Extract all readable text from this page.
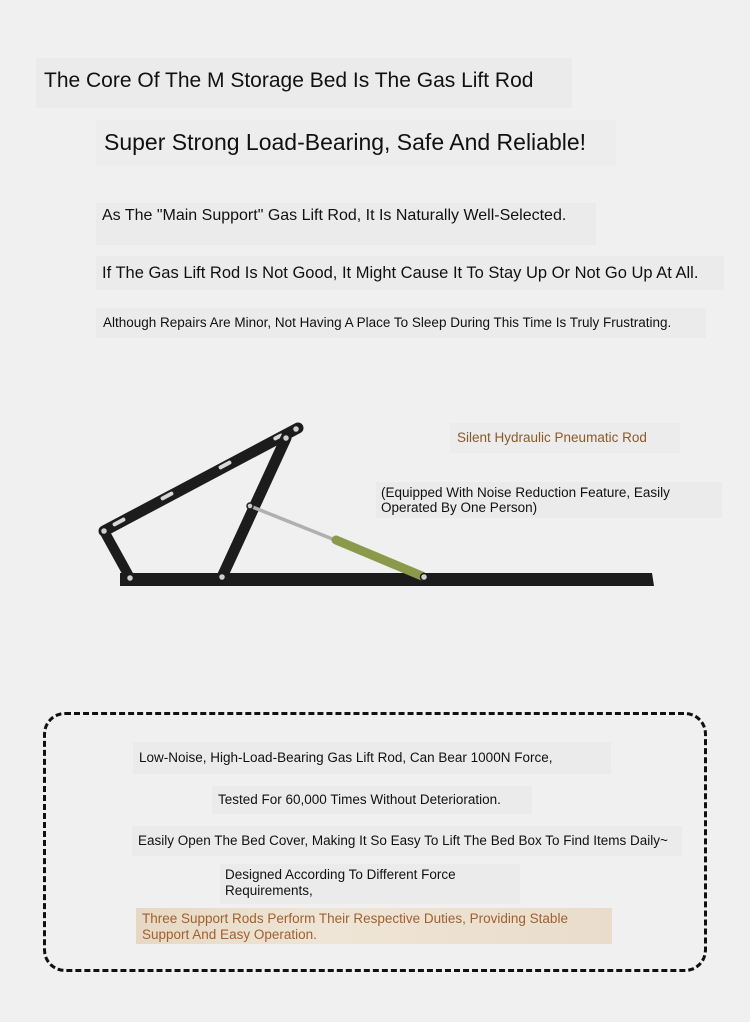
The Core Of The M Storage Bed Is The Gas Lift Rod
Super Strong Load-Bearing, Safe And Reliable!
As The "Main Support" Gas Lift Rod, It Is Naturally Well-Selected.
If The Gas Lift Rod Is Not Good, It Might Cause It To Stay Up Or Not Go Up At All.
Although Repairs Are Minor, Not Having A Place To Sleep During This Time Is Truly Frustrating.
Silent Hydraulic Pneumatic Rod
(Equipped With Noise Reduction Feature, Easily Operated By One Person)
Low-Noise, High-Load-Bearing Gas Lift Rod, Can Bear 1000N Force,
Tested For 60,000 Times Without Deterioration.
Easily Open The Bed Cover, Making It So Easy To Lift The Bed Box To Find Items Daily~
Designed According To Different Force Requirements,
Three Support Rods Perform Their Respective Duties, Providing Stable Support And Easy Operation.
